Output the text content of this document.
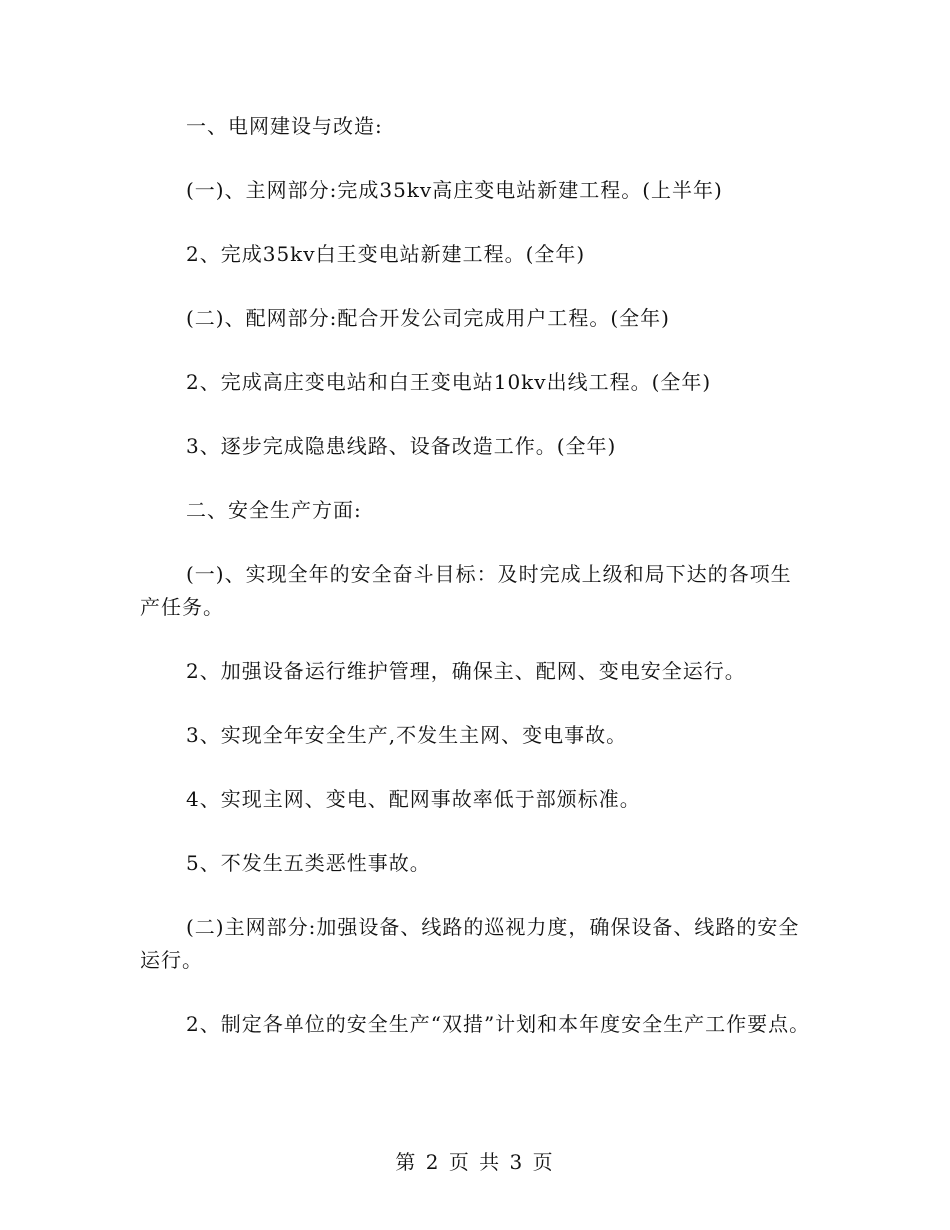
一、电网建设与改造:

(一)、主网部分:完成35kv高庄变电站新建工程。(上半年)

2、完成35kv白王变电站新建工程。(全年)

(二)、配网部分:配合开发公司完成用户工程。(全年)

2、完成高庄变电站和白王变电站10kv出线工程。(全年)

3、逐步完成隐患线路、设备改造工作。(全年)

二、安全生产方面:

(一)、实现全年的安全奋斗目标：及时完成上级和局下达的各项生产任务。

2、加强设备运行维护管理，确保主、配网、变电安全运行。

3、实现全年安全生产,不发生主网、变电事故。

4、实现主网、变电、配网事故率低于部颁标准。

5、不发生五类恶性事故。

(二)主网部分:加强设备、线路的巡视力度，确保设备、线路的安全运行。

2、制定各单位的安全生产“双措”计划和本年度安全生产工作要点。

第 2 页 共 3 页
